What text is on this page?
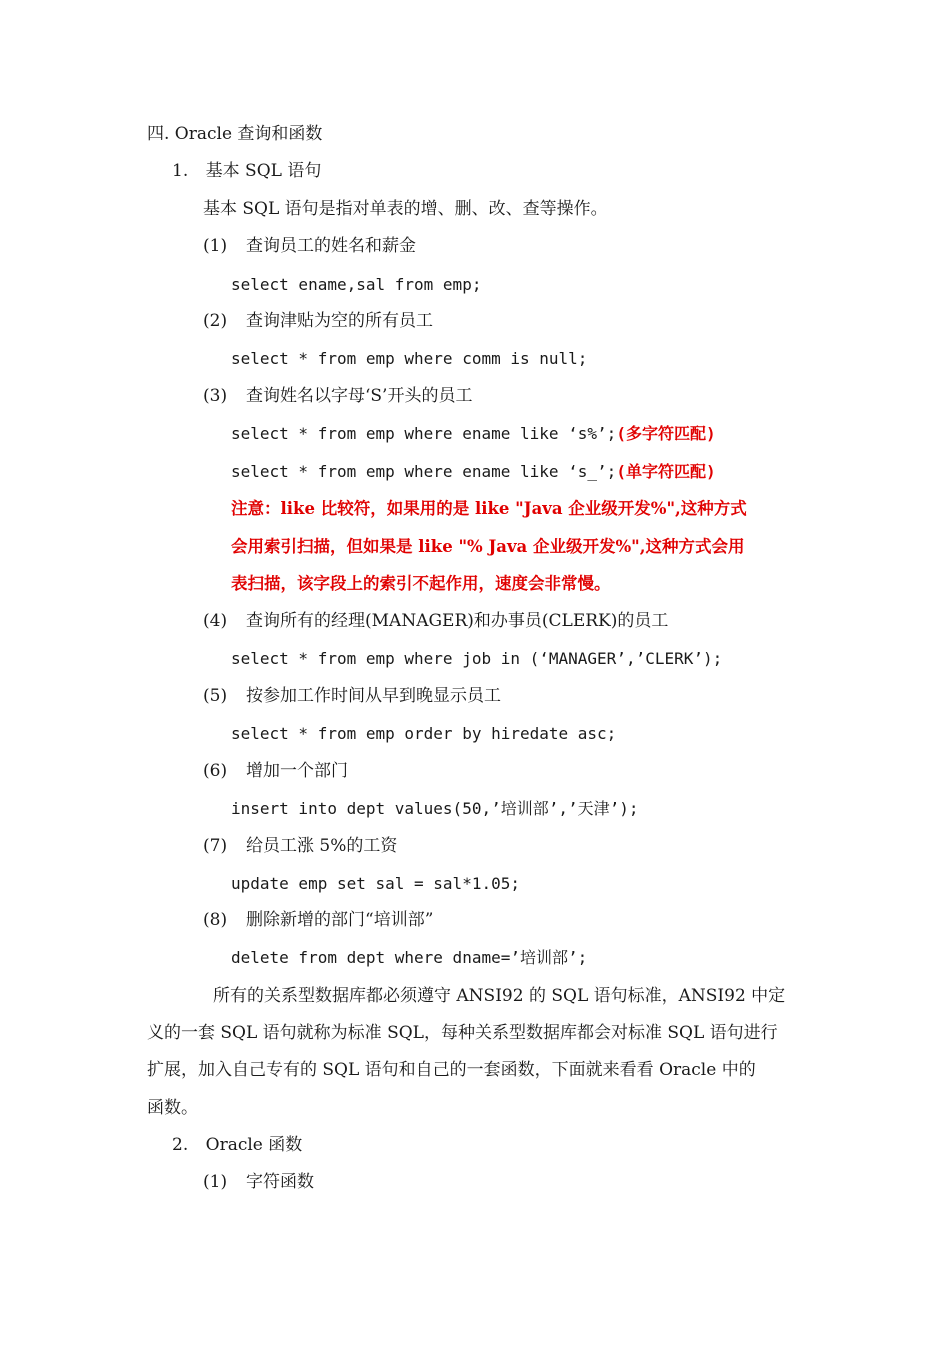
四. Oracle 查询和函数
1. 基本 SQL 语句
基本 SQL 语句是指对单表的增、删、改、查等操作。
(1) 查询员工的姓名和薪金
select ename,sal from emp;
(2) 查询津贴为空的所有员工
select * from emp where comm is null;
(3) 查询姓名以字母‘S’开头的员工
select * from emp where ename like ‘s%’;(多字符匹配)
select * from emp where ename like ‘s_’;(单字符匹配)
注意：like 比较符，如果用的是 like "Java 企业级开发%",这种方式
会用索引扫描，但如果是 like "% Java 企业级开发%",这种方式会用
表扫描，该字段上的索引不起作用，速度会非常慢。
(4) 查询所有的经理(MANAGER)和办事员(CLERK)的员工
select * from emp where job in (‘MANAGER’,’CLERK’);
(5) 按参加工作时间从早到晚显示员工
select * from emp order by hiredate asc;
(6) 增加一个部门
insert into dept values(50,’培训部’,’天津’);
(7) 给员工涨 5%的工资
update emp set sal = sal*1.05;
(8) 删除新增的部门“培训部”
delete from dept where dname=’培训部’;
所有的关系型数据库都必须遵守 ANSI92 的 SQL 语句标准，ANSI92 中定
义的一套 SQL 语句就称为标准 SQL，每种关系型数据库都会对标准 SQL 语句进行
扩展，加入自己专有的 SQL 语句和自己的一套函数，下面就来看看 Oracle 中的
函数。
2. Oracle 函数
(1) 字符函数
